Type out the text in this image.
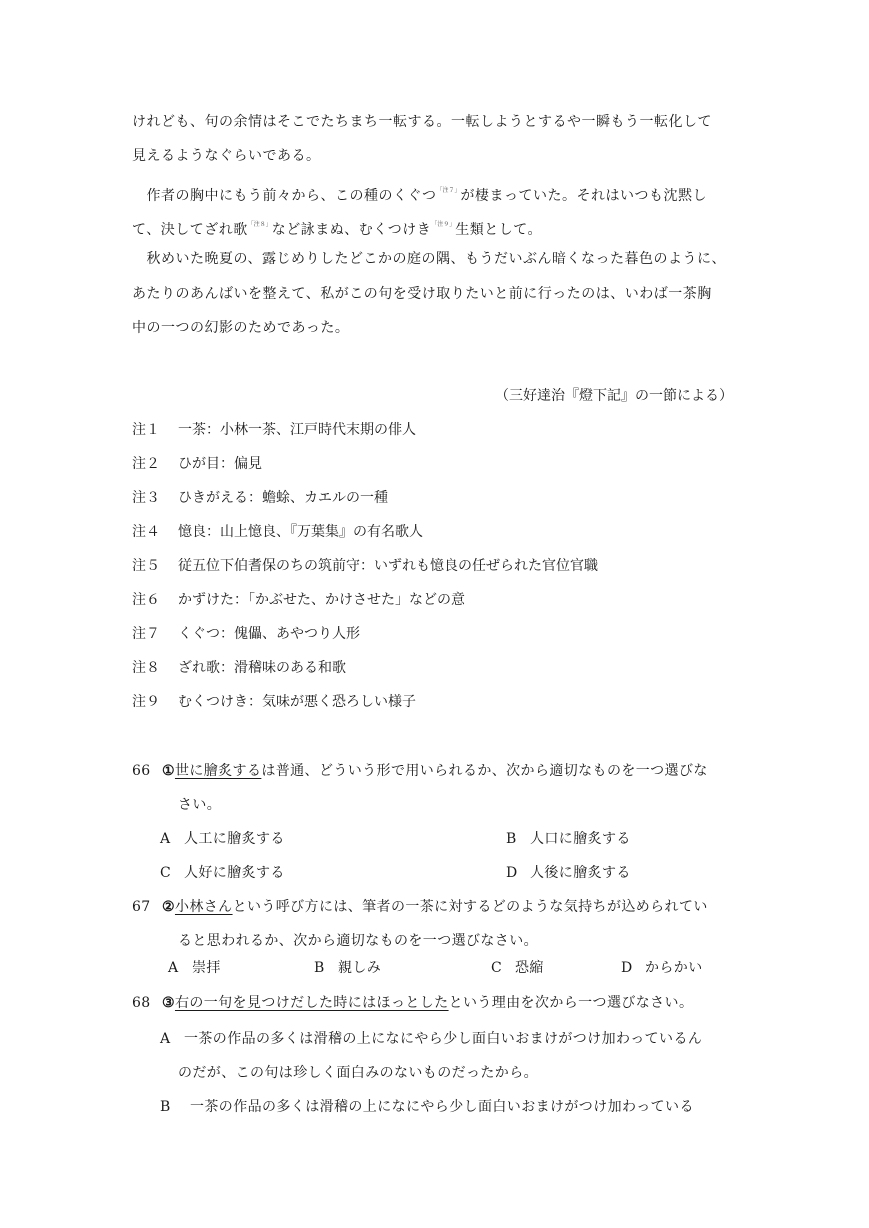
けれども、句の余情はそこでたちまち一転する。一転しようとするや一瞬もう一転化して
見えるようなぐらいである。
　作者の胸中にもう前々から、この種のくぐつ$^{「注7」}$が棲まっていた。それはいつも沈黙し
て、決してざれ歌$^{「注8」}$など詠まぬ、むくつけき$^{「注9」}$生類として。
　秋めいた晩夏の、露じめりしたどこかの庭の隅、もうだいぶん暗くなった暮色のように、
あたりのあんばいを整えて、私がこの句を受け取りたいと前に行ったのは、いわば一茶胸
中の一つの幻影のためであった。
（三好達治『燈下記』の一節による）
注１ 一茶：小林一茶、江戸時代末期の俳人
注２ ひが目：偏見
注３ ひきがえる：蟾蜍、カエルの一種
注４ 憶良：山上憶良、『万葉集』の有名歌人
注５ 従五位下伯耆保のちの筑前守：いずれも憶良の任ぜられた官位官職
注６ かずけた：「かぶせた、かけさせた」などの意
注７ くぐつ：傀儡、あやつり人形
注８ ざれ歌：滑稽味のある和歌
注９ むくつけき：気味が悪く恐ろしい様子
66 ①世に膾炙するは普通、どういう形で用いられるか、次から適切なものを一つ選びな
さい。
A 人工に膾炙する	B 人口に膾炙する
C 人好に膾炙する	D 人後に膾炙する
67 ②小林さんという呼び方には、筆者の一茶に対するどのような気持ちが込められてい
ると思われるか、次から適切なものを一つ選びなさい。
A 崇拝	B 親しみ	C 恐縮	D からかい
68 ③右の一句を見つけだした時にはほっとしたという理由を次から一つ選びなさい。
A 一茶の作品の多くは滑稽の上になにやら少し面白いおまけがつけ加わっているん
のだが、この句は珍しく面白みのないものだったから。
B 一茶の作品の多くは滑稽の上になにやら少し面白いおまけがつけ加わっている
